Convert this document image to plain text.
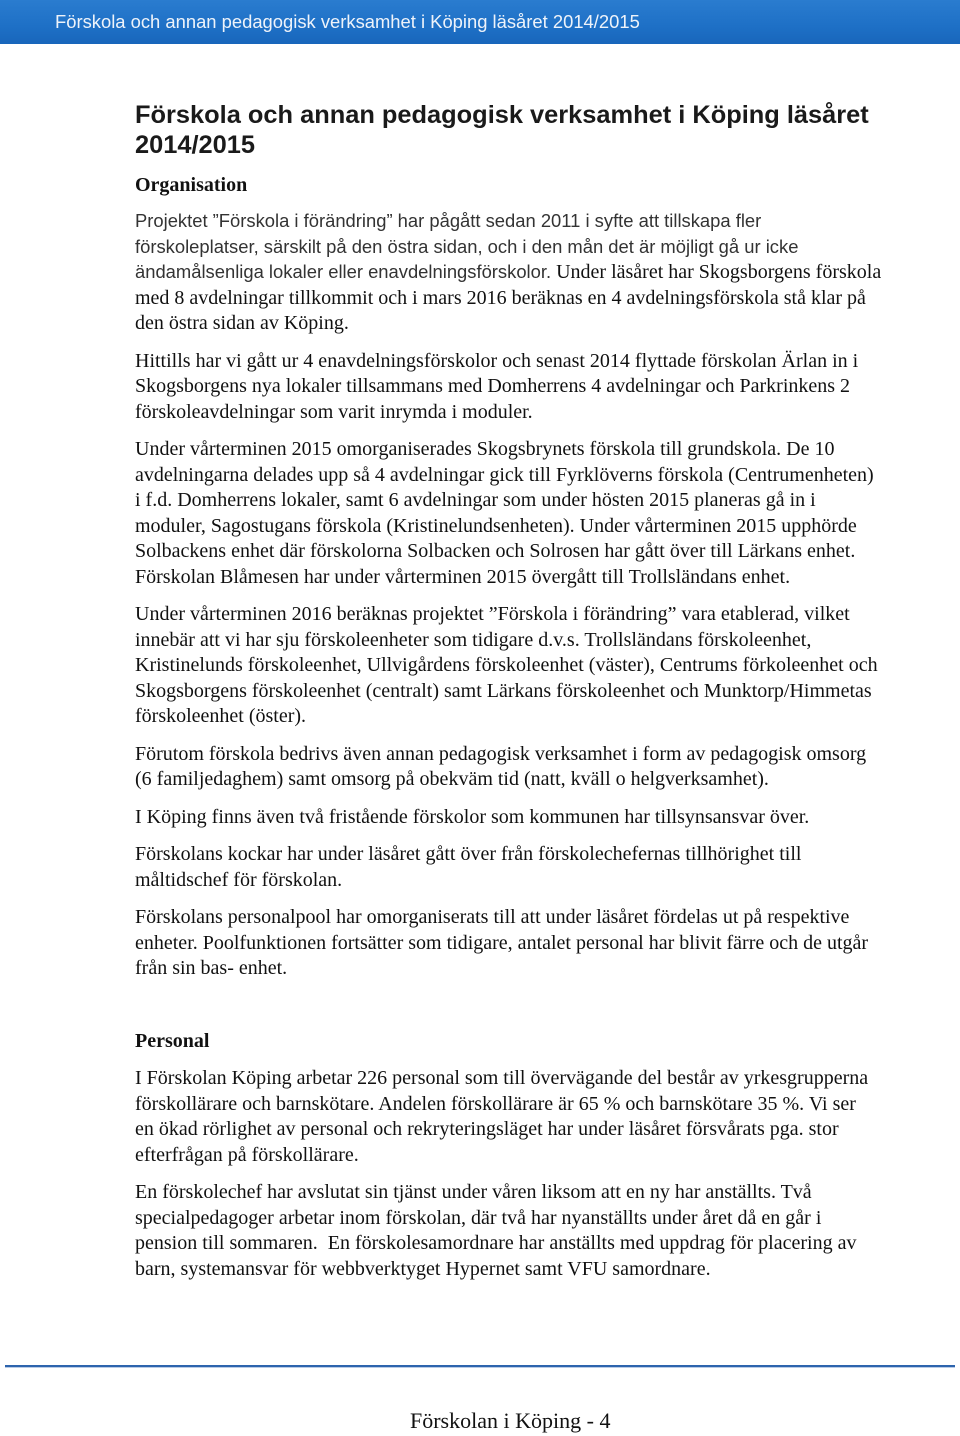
Förskola och annan pedagogisk verksamhet i Köping läsåret 2014/2015
Förskola och annan pedagogisk verksamhet i Köping läsåret
2014/2015
Organisation

Projektet ”Förskola i förändring” har pågått sedan 2011 i syfte att tillskapa fler
förskoleplatser, särskilt på den östra sidan, och i den mån det är möjligt gå ur icke
ändamålsenliga lokaler eller enavdelningsförskolor. Under läsåret har Skogsborgens förskola
med 8 avdelningar tillkommit och i mars 2016 beräknas en 4 avdelningsförskola stå klar på
den östra sidan av Köping.

Hittills har vi gått ur 4 enavdelningsförskolor och senast 2014 flyttade förskolan Ärlan in i
Skogsborgens nya lokaler tillsammans med Domherrens 4 avdelningar och Parkrinkens 2
förskoleavdelningar som varit inrymda i moduler.

Under vårterminen 2015 omorganiserades Skogsbrynets förskola till grundskola. De 10
avdelningarna delades upp så 4 avdelningar gick till Fyrklöverns förskola (Centrumenheten)
i f.d. Domherrens lokaler, samt 6 avdelningar som under hösten 2015 planeras gå in i
moduler, Sagostugans förskola (Kristinelundsenheten). Under vårterminen 2015 upphörde
Solbackens enhet där förskolorna Solbacken och Solrosen har gått över till Lärkans enhet.
Förskolan Blåmesen har under vårterminen 2015 övergått till Trollsländans enhet.

Under vårterminen 2016 beräknas projektet ”Förskola i förändring” vara etablerad, vilket
innebär att vi har sju förskoleenheter som tidigare d.v.s. Trollsländans förskoleenhet,
Kristinelunds förskoleenhet, Ullvigårdens förskoleenhet (väster), Centrums förkoleenhet och
Skogsborgens förskoleenhet (centralt) samt Lärkans förskoleenhet och Munktorp/Himmetas
förskoleenhet (öster).

Förutom förskola bedrivs även annan pedagogisk verksamhet i form av pedagogisk omsorg
(6 familjedaghem) samt omsorg på obekväm tid (natt, kväll o helgverksamhet).

I Köping finns även två fristående förskolor som kommunen har tillsynsansvar över.

Förskolans kockar har under läsåret gått över från förskolechefernas tillhörighet till
måltidschef för förskolan.

Förskolans personalpool har omorganiserats till att under läsåret fördelas ut på respektive
enheter. Poolfunktionen fortsätter som tidigare, antalet personal har blivit färre och de utgår
från sin bas- enhet.

Personal

I Förskolan Köping arbetar 226 personal som till övervägande del består av yrkesgrupperna
förskollärare och barnskötare. Andelen förskollärare är 65 % och barnskötare 35 %. Vi ser
en ökad rörlighet av personal och rekryteringsläget har under läsåret försvårats pga. stor
efterfrågan på förskollärare.

En förskolechef har avslutat sin tjänst under våren liksom att en ny har anställts. Två
specialpedagoger arbetar inom förskolan, där två har nyanställts under året då en går i
pension till sommaren.  En förskolesamordnare har anställts med uppdrag för placering av
barn, systemansvar för webbverktyget Hypernet samt VFU samordnare.

Förskolan i Köping - 4
